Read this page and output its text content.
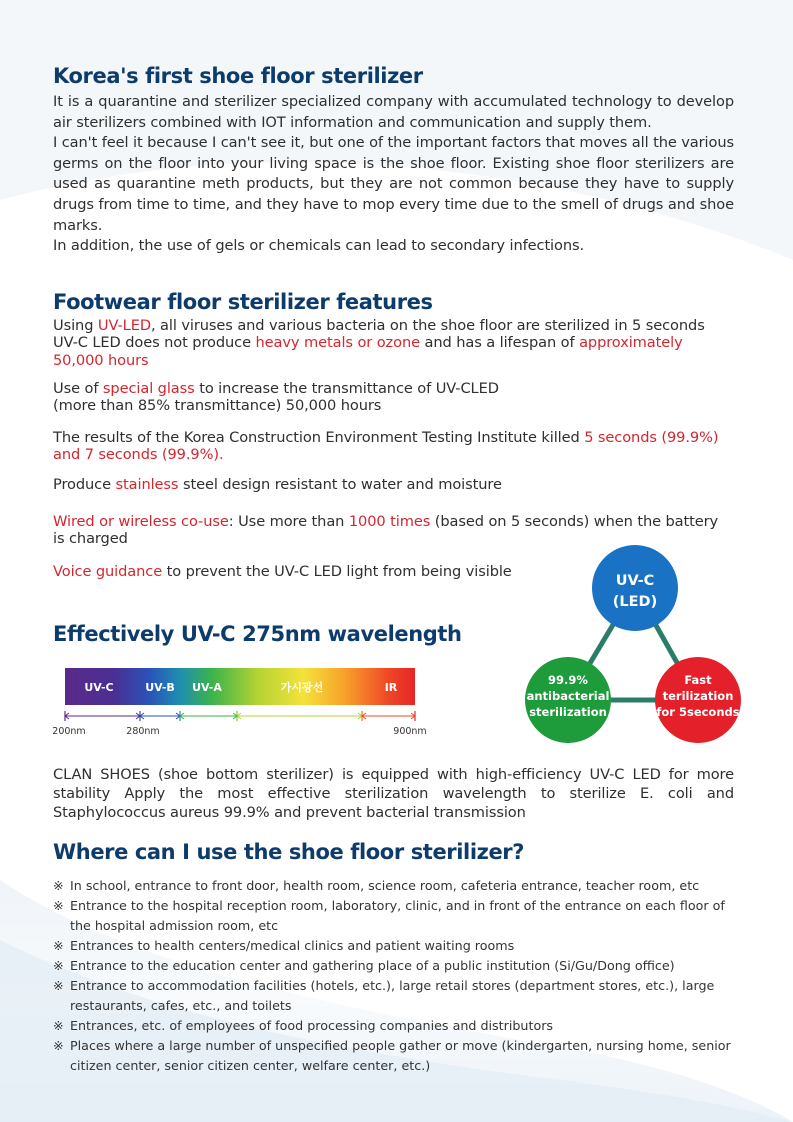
Korea's first shoe floor sterilizer

It is a quarantine and sterilizer specialized company with accumulated technology to develop air sterilizers combined with IOT information and communication and supply them.

I can't feel it because I can't see it, but one of the important factors that moves all the various germs on the floor into your living space is the shoe floor. Existing shoe floor sterilizers are used as quarantine meth products, but they are not common because they have to supply drugs from time to time, and they have to mop every time due to the smell of drugs and shoe marks.

In addition, the use of gels or chemicals can lead to secondary infections.

Footwear floor sterilizer features
Using UV-LED, all viruses and various bacteria on the shoe floor are sterilized in 5 seconds
UV-C LED does not produce heavy metals or ozone and has a lifespan of approximately 50,000 hours
Use of special glass to increase the transmittance of UV-CLED
(more than 85% transmittance) 50,000 hours
The results of the Korea Construction Environment Testing Institute killed 5 seconds (99.9%) and 7 seconds (99.9%).
Produce stainless steel design resistant to water and moisture
Wired or wireless co-use: Use more than 1000 times (based on 5 seconds) when the battery is charged
Voice guidance to prevent the UV-C LED light from being visible
Effectively UV-C 275nm wavelength
UV-C	UV-B UV-A	가시광선	IR
200nm	280nm	900nm
UV-C
(LED)
99.9%
antibacterial
sterilization
Fast
terilization
for 5seconds

CLAN SHOES (shoe bottom sterilizer) is equipped with high-efficiency UV-C LED for more stability Apply the most effective sterilization wavelength to sterilize E. coli and Staphylococcus aureus 99.9% and prevent bacterial transmission

Where can I use the shoe floor sterilizer?
※ In school, entrance to front door, health room, science room, cafeteria entrance, teacher room, etc
※ Entrance to the hospital reception room, laboratory, clinic, and in front of the entrance on each floor of the hospital admission room, etc
※ Entrances to health centers/medical clinics and patient waiting rooms
※ Entrance to the education center and gathering place of a public institution (Si/Gu/Dong office)
※ Entrance to accommodation facilities (hotels, etc.), large retail stores (department stores, etc.), large restaurants, cafes, etc., and toilets
※ Entrances, etc. of employees of food processing companies and distributors
※ Places where a large number of unspecified people gather or move (kindergarten, nursing home, senior citizen center, senior citizen center, welfare center, etc.)
